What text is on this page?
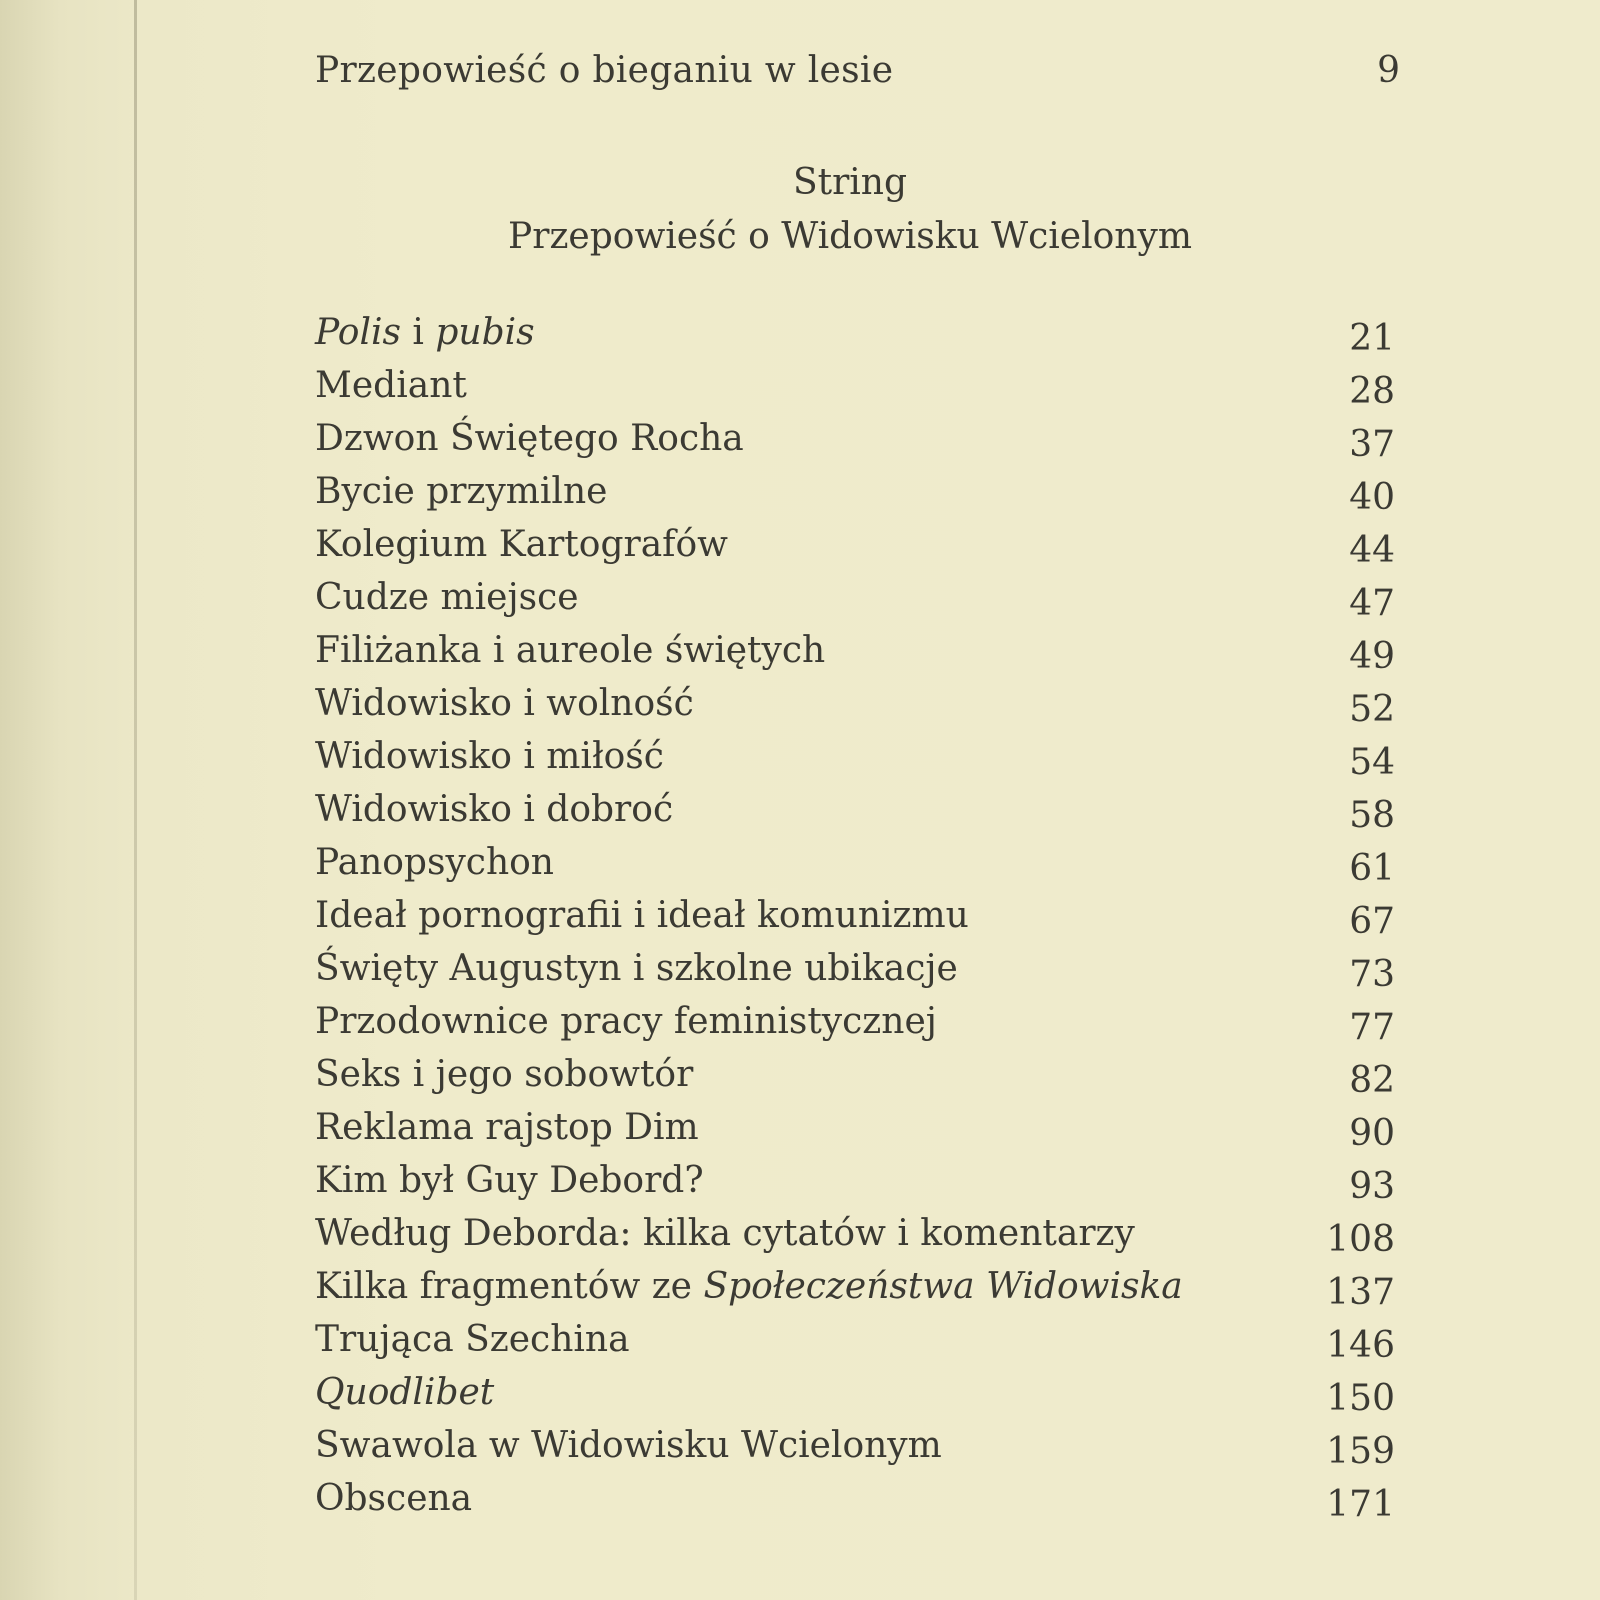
Przepowieść o bieganiu w lesie	9
String
Przepowieść o Widowisku Wcielonym
Polis i pubis	21
Mediant	28
Dzwon Świętego Rocha	37
Bycie przymilne	40
Kolegium Kartografów	44
Cudze miejsce	47
Filiżanka i aureole świętych	49
Widowisko i wolność	52
Widowisko i miłość	54
Widowisko i dobroć	58
Panopsychon	61
Ideał pornografii i ideał komunizmu	67
Święty Augustyn i szkolne ubikacje	73
Przodownice pracy feministycznej	77
Seks i jego sobowtór	82
Reklama rajstop Dim	90
Kim był Guy Debord?	93
Według Deborda: kilka cytatów i komentarzy	108
Kilka fragmentów ze Społeczeństwa Widowiska	137
Trująca Szechina	146
Quodlibet	150
Swawola w Widowisku Wcielonym	159
Obscena	171
